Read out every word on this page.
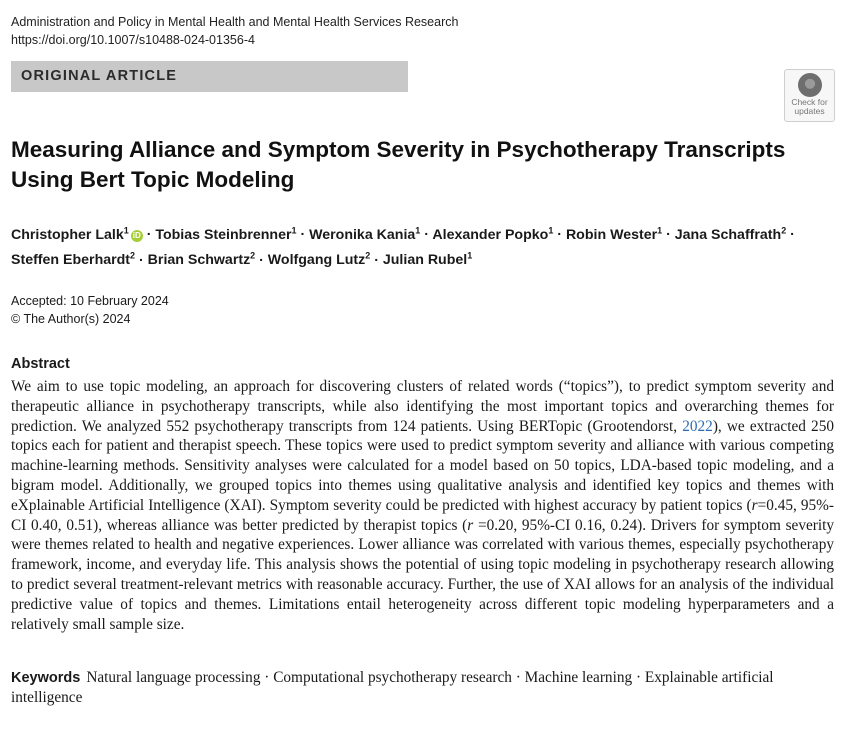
Administration and Policy in Mental Health and Mental Health Services Research
https://doi.org/10.1007/s10488-024-01356-4
ORIGINAL ARTICLE
Check for
updates
Measuring Alliance and Symptom Severity in Psychotherapy Transcripts Using Bert Topic Modeling
Christopher Lalk$^1$iD · Tobias Steinbrenner$^1$ · Weronika Kania$^1$ · Alexander Popko$^1$ · Robin Wester$^1$ · Jana Schaffrath$^2$ ·
Steffen Eberhardt$^2$ · Brian Schwartz$^2$ · Wolfgang Lutz$^2$ · Julian Rubel$^1$
Accepted: 10 February 2024
© The Author(s) 2024
Abstract
We aim to use topic modeling, an approach for discovering clusters of related words (“topics”), to predict symptom severity and therapeutic alliance in psychotherapy transcripts, while also identifying the most important topics and overarching themes for prediction. We analyzed 552 psychotherapy transcripts from 124 patients. Using BERTopic (Grootendorst, 2022), we extracted 250 topics each for patient and therapist speech. These topics were used to predict symptom severity and alliance with various competing machine-learning methods. Sensitivity analyses were calculated for a model based on 50 topics, LDA-based topic modeling, and a bigram model. Additionally, we grouped topics into themes using qualitative analysis and identified key topics and themes with eXplainable Artificial Intelligence (XAI). Symptom severity could be predicted with highest accuracy by patient topics (r=0.45, 95%-CI 0.40, 0.51), whereas alliance was better predicted by therapist topics (r =0.20, 95%-CI 0.16, 0.24). Drivers for symptom severity were themes related to health and negative experiences. Lower alliance was correlated with various themes, especially psychotherapy framework, income, and everyday life. This analysis shows the potential of using topic modeling in psychotherapy research allowing to predict several treatment-relevant metrics with reasonable accuracy. Further, the use of XAI allows for an analysis of the individual predictive value of topics and themes. Limitations entail heterogeneity across different topic modeling hyperparameters and a relatively small sample size.
Keywords Natural language processing · Computational psychotherapy research · Machine learning · Explainable artificial intelligence
